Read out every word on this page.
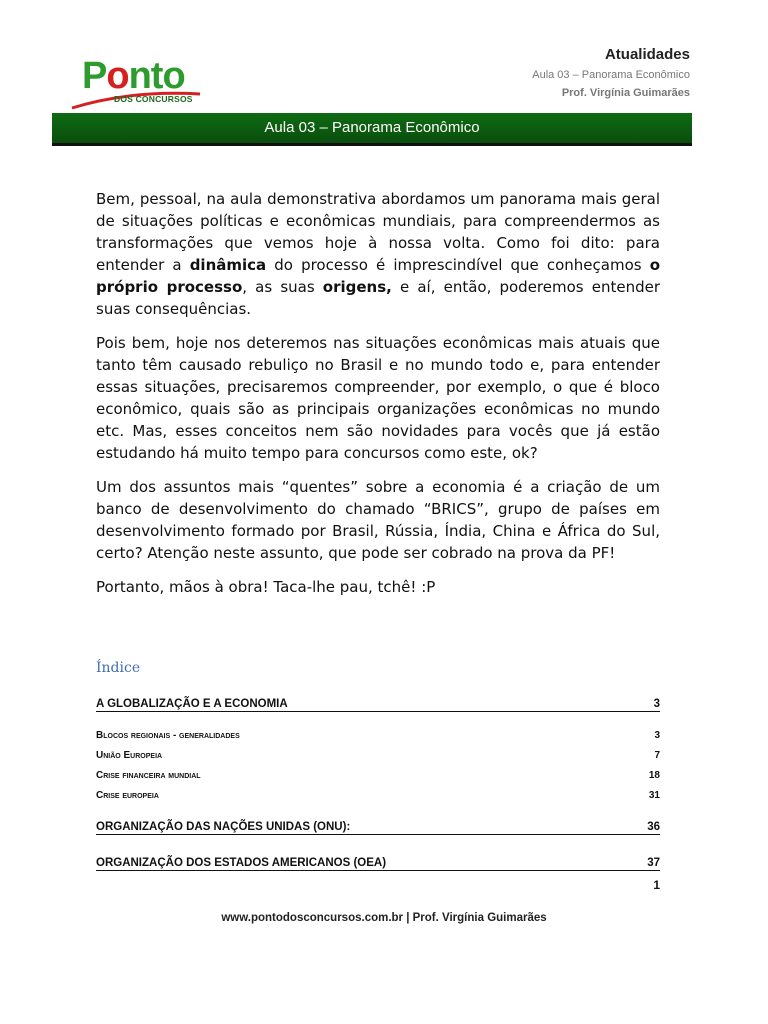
Ponto
DOS CONCURSOS
Atualidades
Aula 03 – Panorama Econômico
Prof. Virgínia Guimarães
Aula 03 – Panorama Econômico

Bem, pessoal, na aula demonstrativa abordamos um panorama mais geral de situações políticas e econômicas mundiais, para compreendermos as transformações que vemos hoje à nossa volta. Como foi dito: para entender a dinâmica do processo é imprescindível que conheçamos o próprio processo, as suas origens, e aí, então, poderemos entender suas consequências.

Pois bem, hoje nos deteremos nas situações econômicas mais atuais que tanto têm causado rebuliço no Brasil e no mundo todo e, para entender essas situações, precisaremos compreender, por exemplo, o que é bloco econômico, quais são as principais organizações econômicas no mundo etc. Mas, esses conceitos nem são novidades para vocês que já estão estudando há muito tempo para concursos como este, ok?

Um dos assuntos mais “quentes” sobre a economia é a criação de um banco de desenvolvimento do chamado “BRICS”, grupo de países em desenvolvimento formado por Brasil, Rússia, Índia, China e África do Sul, certo? Atenção neste assunto, que pode ser cobrado na prova da PF!

Portanto, mãos à obra! Taca-lhe pau, tchê! :P

Índice
1
www.pontodosconcursos.com.br | Prof. Virgínia Guimarães
A GLOBALIZAÇÃO E A ECONOMIA	3
Blocos regionais - generalidades	3
União Europeia	7
Crise financeira mundial	18
Crise europeia	31
ORGANIZAÇÃO DAS NAÇÕES UNIDAS (ONU):	36
ORGANIZAÇÃO DOS ESTADOS AMERICANOS (OEA)	37
